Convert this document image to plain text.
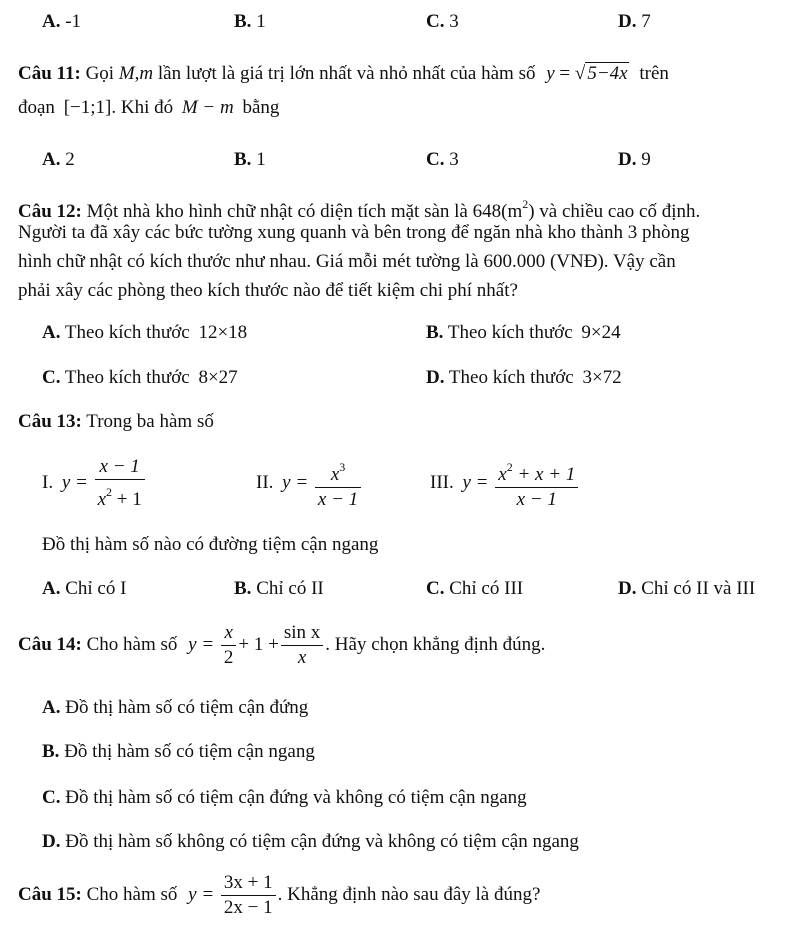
A. -1	B. 1	C. 3	D. 7
Câu 11: Gọi M,m lần lượt là giá trị lớn nhất và nhỏ nhất của hàm số y = √ 5−4x trên
đoạn [−1;1]. Khi đó M − m bằng
A. 2	B. 1	C. 3	D. 9
Câu 12: Một nhà kho hình chữ nhật có diện tích mặt sàn là $648(m^2)$ và chiều cao cố định.
Người ta đã xây các bức tường xung quanh và bên trong để ngăn nhà kho thành 3 phòng
hình chữ nhật có kích thước như nhau. Giá mỗi mét tường là 600.000 (VNĐ). Vậy cần
phải xây các phòng theo kích thước nào để tiết kiệm chi phí nhất?
A. Theo kích thước 12×18	B. Theo kích thước 9×24
C. Theo kích thước 8×27	D. Theo kích thước 3×72
Câu 13: Trong ba hàm số
I. $y = \frac{x - 1}{x^2 + 1}$	II. $y = \frac{x^3}{x - 1}$	III. $y = \frac{x^2 + x + 1}{x - 1}$
Đồ thị hàm số nào có đường tiệm cận ngang
A. Chỉ có I	B. Chỉ có II	C. Chỉ có III	D. Chỉ có II và III
Câu 14: Cho hàm số $y = \frac{x}{2} + 1 + \frac{\text{sin x}}{x}$ . Hãy chọn khẳng định đúng.
A. Đồ thị hàm số có tiệm cận đứng
B. Đồ thị hàm số có tiệm cận ngang
C. Đồ thị hàm số có tiệm cận đứng và không có tiệm cận ngang
D. Đồ thị hàm số không có tiệm cận đứng và không có tiệm cận ngang
Câu 15: Cho hàm số $y = \frac{3x + 1}{2x - 1}$ . Khẳng định nào sau đây là đúng?
